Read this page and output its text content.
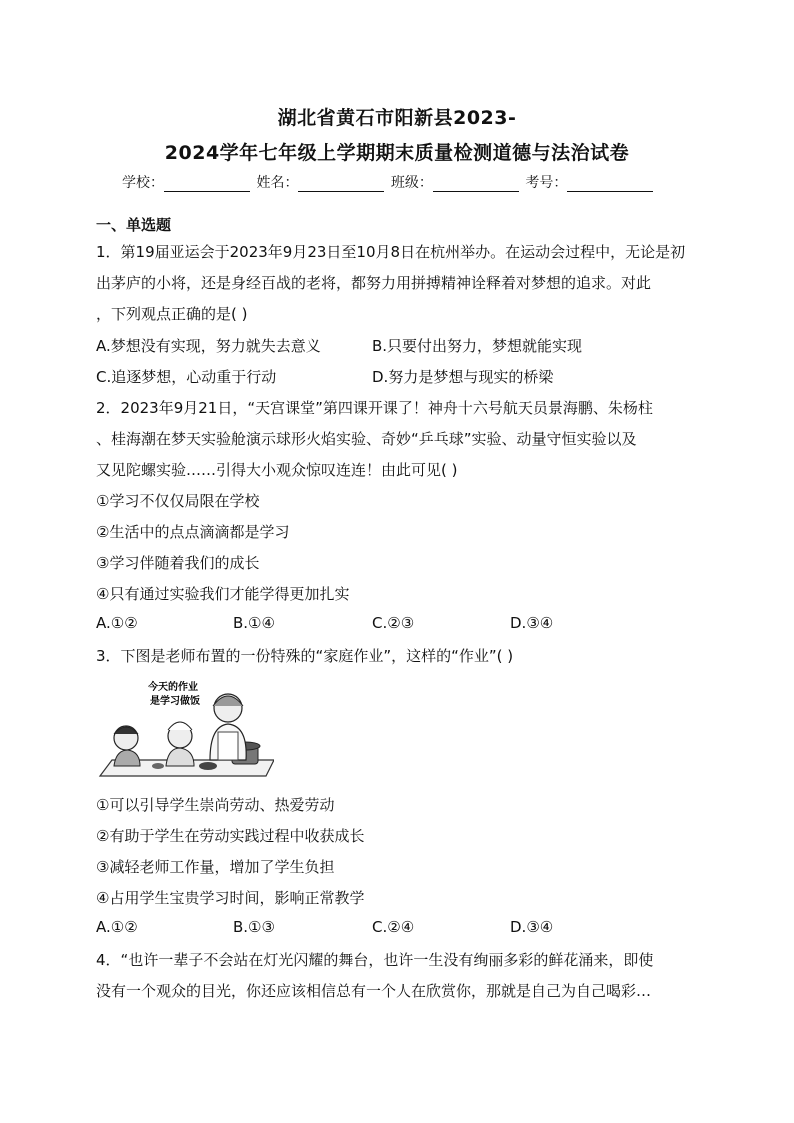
湖北省黄石市阳新县2023-
2024学年七年级上学期期末质量检测道德与法治试卷
学校：	姓名：	班级：	考号：
一、单选题
1．第19届亚运会于2023年9月23日至10月8日在杭州举办。在运动会过程中，无论是初
出茅庐的小将，还是身经百战的老将，都努力用拼搏精神诠释着对梦想的追求。对此
，下列观点正确的是( )
A.梦想没有实现，努力就失去意义	B.只要付出努力，梦想就能实现
C.追逐梦想，心动重于行动	D.努力是梦想与现实的桥梁
2．2023年9月21日，“天宫课堂”第四课开课了！神舟十六号航天员景海鹏、朱杨柱
、桂海潮在梦天实验舱演示球形火焰实验、奇妙“乒乓球”实验、动量守恒实验以及
又见陀螺实验……引得大小观众惊叹连连！由此可见( )
①学习不仅仅局限在学校
②生活中的点点滴滴都是学习
③学习伴随着我们的成长
④只有通过实验我们才能学得更加扎实
A.①②	B.①④	C.②③	D.③④
3．下图是老师布置的一份特殊的“家庭作业”，这样的“作业”( )
今天的作业
是学习做饭
①可以引导学生崇尚劳动、热爱劳动
②有助于学生在劳动实践过程中收获成长
③减轻老师工作量，增加了学生负担
④占用学生宝贵学习时间，影响正常教学
A.①②	B.①③	C.②④	D.③④
4．“也许一辈子不会站在灯光闪耀的舞台，也许一生没有绚丽多彩的鲜花涌来，即使
没有一个观众的目光，你还应该相信总有一个人在欣赏你，那就是自己为自己喝彩…
